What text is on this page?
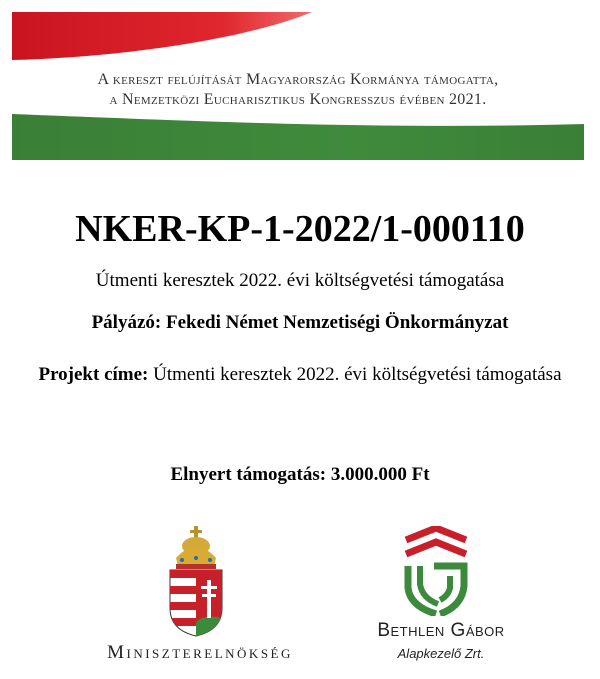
A kereszt felújítását Magyarország Kormánya támogatta,
a Nemzetközi Eucharisztikus Kongresszus évében 2021.
NKER-KP-1-2022/1-000110
Útmenti keresztek 2022. évi költségvetési támogatása
Pályázó: Fekedi Német Nemzetiségi Önkormányzat
Projekt címe: Útmenti keresztek 2022. évi költségvetési támogatása
Elnyert támogatás: 3.000.000 Ft
Miniszterelnökség
Bethlen Gábor
Alapkezelő Zrt.
